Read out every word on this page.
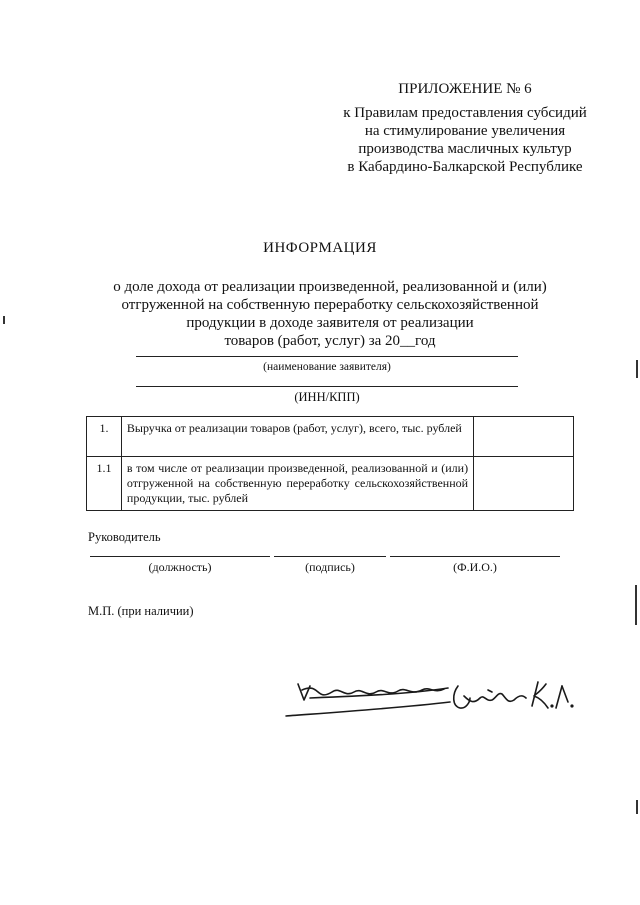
ПРИЛОЖЕНИЕ № 6
к Правилам предоставления субсидий
на стимулирование увеличения
производства масличных культур
в Кабардино-Балкарской Республике
ИНФОРМАЦИЯ
о доле дохода от реализации произведенной, реализованной и (или)
отгруженной на собственную переработку сельскохозяйственной
продукции в доходе заявителя от реализации
товаров (работ, услуг) за 20__год
(наименование заявителя)
(ИНН/КПП)
1.	Выручка от реализации товаров (работ, услуг), всего, тыс. рублей	
1.1	в том числе от реализации произведенной, реализованной и (или) отгруженной на собственную переработку сельскохозяйственной продукции, тыс. рублей	
Руководитель
(должность)	(подпись)	(Ф.И.О.)
М.П. (при наличии)
